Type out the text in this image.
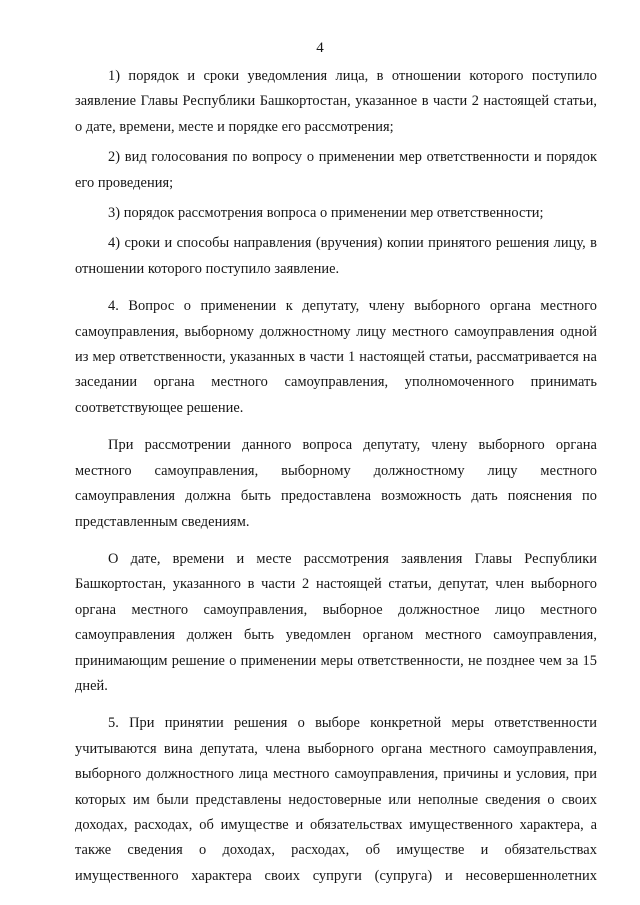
4

1) порядок и сроки уведомления лица, в отношении которого поступило заявление Главы Республики Башкортостан, указанное в части 2 настоящей статьи, о дате, времени, месте и порядке его рассмотрения;

2) вид голосования по вопросу о применении мер ответственности и порядок его проведения;

3) порядок рассмотрения вопроса о применении мер ответственности;

4) сроки и способы направления (вручения) копии принятого решения лицу, в отношении которого поступило заявление.

4. Вопрос о применении к депутату, члену выборного органа местного самоуправления, выборному должностному лицу местного самоуправления одной из мер ответственности, указанных в части 1 настоящей статьи, рассматривается на заседании органа местного самоуправления, уполномоченного принимать соответствующее решение.

При рассмотрении данного вопроса депутату, члену выборного органа местного самоуправления, выборному должностному лицу местного самоуправления должна быть предоставлена возможность дать пояснения по представленным сведениям.

О дате, времени и месте рассмотрения заявления Главы Республики Башкортостан, указанного в части 2 настоящей статьи, депутат, член выборного органа местного самоуправления, выборное должностное лицо местного самоуправления должен быть уведомлен органом местного самоуправления, принимающим решение о применении меры ответственности, не позднее чем за 15 дней.

5. При принятии решения о выборе конкретной меры ответственности учитываются вина депутата, члена выборного органа местного самоуправления, выборного должностного лица местного самоуправления, причины и условия, при которых им были представлены недостоверные или неполные сведения о своих доходах, расходах, об имуществе и обязательствах имущественного характера, а также сведения о доходах, расходах, об имуществе и обязательствах имущественного характера своих супруги (супруга) и несовершеннолетних
